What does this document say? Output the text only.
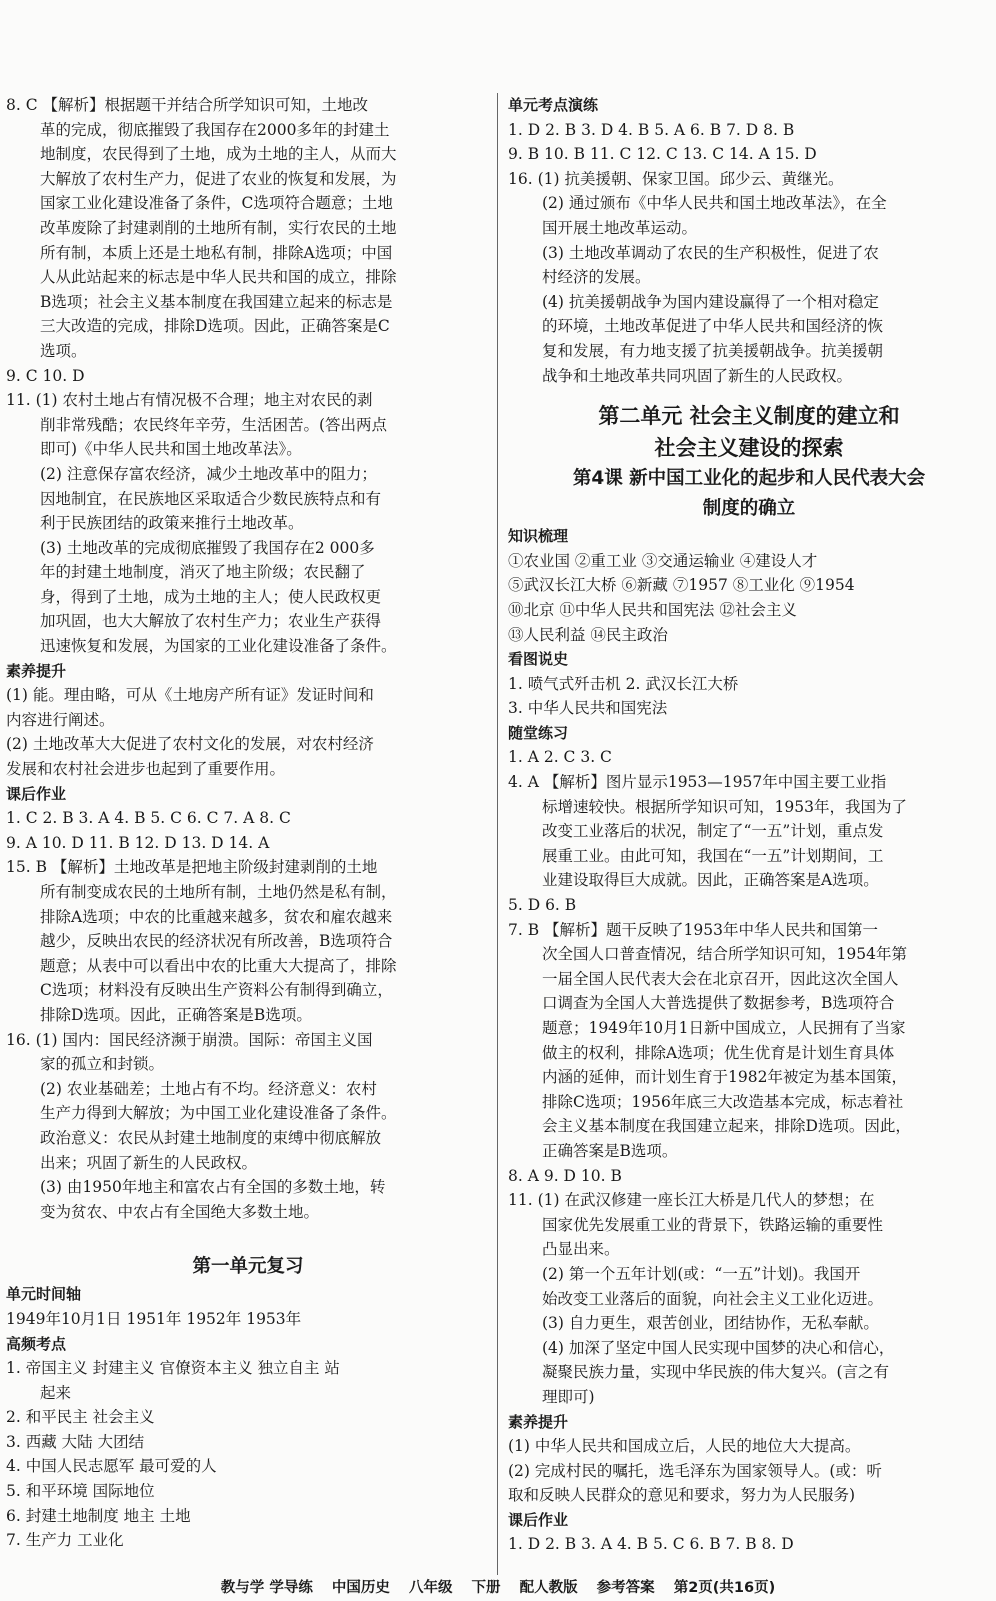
8. C 【解析】根据题干并结合所学知识可知，土地改
革的完成，彻底摧毁了我国存在2000多年的封建土
地制度，农民得到了土地，成为土地的主人，从而大
大解放了农村生产力，促进了农业的恢复和发展，为
国家工业化建设准备了条件，C选项符合题意；土地
改革废除了封建剥削的土地所有制，实行农民的土地
所有制，本质上还是土地私有制，排除A选项；中国
人从此站起来的标志是中华人民共和国的成立，排除
B选项；社会主义基本制度在我国建立起来的标志是
三大改造的完成，排除D选项。因此，正确答案是C
选项。
9. C 10. D
11. (1) 农村土地占有情况极不合理；地主对农民的剥
削非常残酷；农民终年辛劳，生活困苦。(答出两点
即可)《中华人民共和国土地改革法》。
(2) 注意保存富农经济，减少土地改革中的阻力；
因地制宜，在民族地区采取适合少数民族特点和有
利于民族团结的政策来推行土地改革。
(3) 土地改革的完成彻底摧毁了我国存在2 000多
年的封建土地制度，消灭了地主阶级；农民翻了
身，得到了土地，成为土地的主人；使人民政权更
加巩固，也大大解放了农村生产力；农业生产获得
迅速恢复和发展，为国家的工业化建设准备了条件。
素养提升
(1) 能。理由略，可从《土地房产所有证》发证时间和
内容进行阐述。
(2) 土地改革大大促进了农村文化的发展，对农村经济
发展和农村社会进步也起到了重要作用。
课后作业
1. C 2. B 3. A 4. B 5. C 6. C 7. A 8. C
9. A 10. D 11. B 12. D 13. D 14. A
15. B 【解析】土地改革是把地主阶级封建剥削的土地
所有制变成农民的土地所有制，土地仍然是私有制，
排除A选项；中农的比重越来越多，贫农和雇农越来
越少，反映出农民的经济状况有所改善，B选项符合
题意；从表中可以看出中农的比重大大提高了，排除
C选项；材料没有反映出生产资料公有制得到确立，
排除D选项。因此，正确答案是B选项。
16. (1) 国内：国民经济濒于崩溃。国际：帝国主义国
家的孤立和封锁。
(2) 农业基础差；土地占有不均。经济意义：农村
生产力得到大解放；为中国工业化建设准备了条件。
政治意义：农民从封建土地制度的束缚中彻底解放
出来；巩固了新生的人民政权。
(3) 由1950年地主和富农占有全国的多数土地，转
变为贫农、中农占有全国绝大多数土地。
第一单元复习
单元时间轴
1949年10月1日 1951年 1952年 1953年
高频考点
1. 帝国主义 封建主义 官僚资本主义 独立自主 站
起来
2. 和平民主 社会主义
3. 西藏 大陆 大团结
4. 中国人民志愿军 最可爱的人
5. 和平环境 国际地位
6. 封建土地制度 地主 土地
7. 生产力 工业化
单元考点演练
1. D 2. B 3. D 4. B 5. A 6. B 7. D 8. B
9. B 10. B 11. C 12. C 13. C 14. A 15. D
16. (1) 抗美援朝、保家卫国。邱少云、黄继光。
(2) 通过颁布《中华人民共和国土地改革法》，在全
国开展土地改革运动。
(3) 土地改革调动了农民的生产积极性，促进了农
村经济的发展。
(4) 抗美援朝战争为国内建设赢得了一个相对稳定
的环境，土地改革促进了中华人民共和国经济的恢
复和发展，有力地支援了抗美援朝战争。抗美援朝
战争和土地改革共同巩固了新生的人民政权。
第二单元 社会主义制度的建立和
社会主义建设的探索
第4课 新中国工业化的起步和人民代表大会
制度的确立
知识梳理
①农业国 ②重工业 ③交通运输业 ④建设人才
⑤武汉长江大桥 ⑥新藏 ⑦1957 ⑧工业化 ⑨1954
⑩北京 ⑪中华人民共和国宪法 ⑫社会主义
⑬人民利益 ⑭民主政治
看图说史
1. 喷气式歼击机 2. 武汉长江大桥
3. 中华人民共和国宪法
随堂练习
1. A 2. C 3. C
4. A 【解析】图片显示1953—1957年中国主要工业指
标增速较快。根据所学知识可知，1953年，我国为了
改变工业落后的状况，制定了“一五”计划，重点发
展重工业。由此可知，我国在“一五”计划期间，工
业建设取得巨大成就。因此，正确答案是A选项。
5. D 6. B
7. B 【解析】题干反映了1953年中华人民共和国第一
次全国人口普查情况，结合所学知识可知，1954年第
一届全国人民代表大会在北京召开，因此这次全国人
口调查为全国人大普选提供了数据参考，B选项符合
题意；1949年10月1日新中国成立，人民拥有了当家
做主的权利，排除A选项；优生优育是计划生育具体
内涵的延伸，而计划生育于1982年被定为基本国策，
排除C选项；1956年底三大改造基本完成，标志着社
会主义基本制度在我国建立起来，排除D选项。因此，
正确答案是B选项。
8. A 9. D 10. B
11. (1) 在武汉修建一座长江大桥是几代人的梦想；在
国家优先发展重工业的背景下，铁路运输的重要性
凸显出来。
(2) 第一个五年计划(或：“一五”计划)。我国开
始改变工业落后的面貌，向社会主义工业化迈进。
(3) 自力更生，艰苦创业，团结协作，无私奉献。
(4) 加深了坚定中国人民实现中国梦的决心和信心，
凝聚民族力量，实现中华民族的伟大复兴。(言之有
理即可)
素养提升
(1) 中华人民共和国成立后，人民的地位大大提高。
(2) 完成村民的嘱托，选毛泽东为国家领导人。(或：听
取和反映人民群众的意见和要求，努力为人民服务)
课后作业
1. D 2. B 3. A 4. B 5. C 6. B 7. B 8. D
教与学 学导练 中国历史 八年级 下册 配人教版 参考答案 第2页(共16页)
